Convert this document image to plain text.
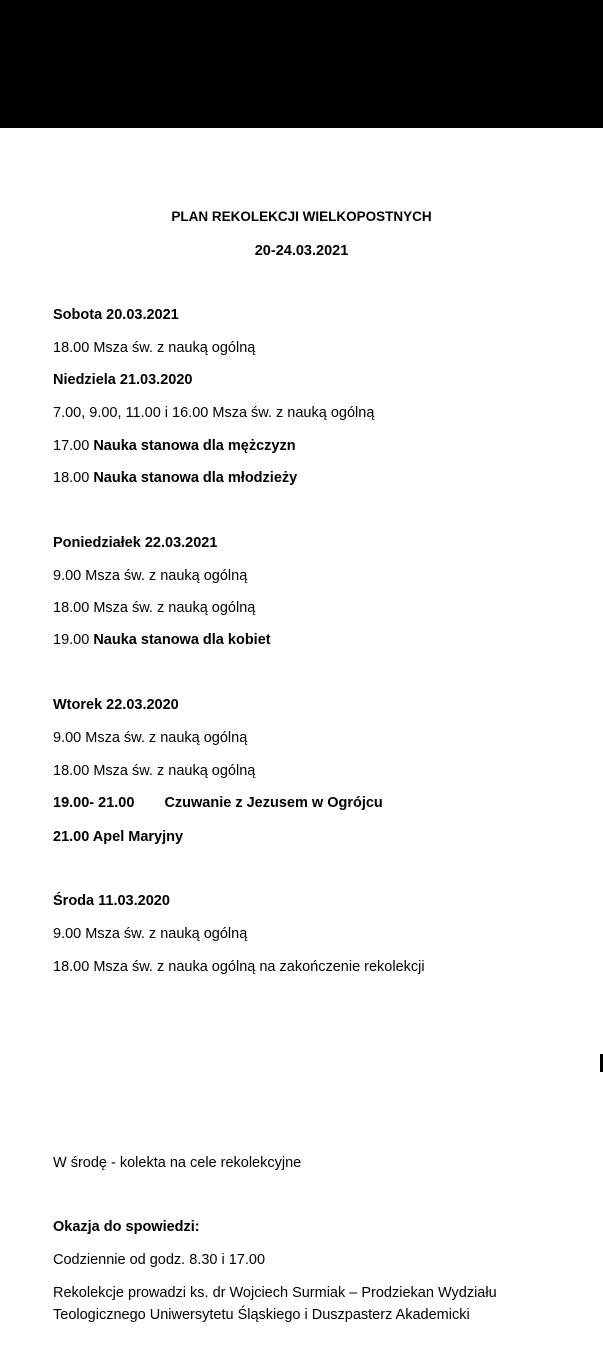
PLAN REKOLEKCJI WIELKOPOSTNYCH
20-24.03.2021
Sobota 20.03.2021
18.00 Msza św. z nauką ogólną
Niedziela 21.03.2020
7.00, 9.00, 11.00 i 16.00 Msza św. z nauką ogólną
17.00 Nauka stanowa dla mężczyzn
18.00 Nauka stanowa dla młodzieży
Poniedziałek 22.03.2021
9.00 Msza św. z nauką ogólną
18.00 Msza św. z nauką ogólną
19.00 Nauka stanowa dla kobiet
Wtorek 22.03.2020
9.00 Msza św. z nauką ogólną
18.00 Msza św. z nauką ogólną
19.00- 21.00 Czuwanie z Jezusem w Ogrójcu
21.00 Apel Maryjny
Środa 11.03.2020
9.00 Msza św. z nauką ogólną
18.00 Msza św. z nauka ogólną na zakończenie rekolekcji
W środę - kolekta na cele rekolekcyjne
Okazja do spowiedzi:
Codziennie od godz. 8.30 i 17.00
Rekolekcje prowadzi ks. dr Wojciech Surmiak – Prodziekan Wydziału
Teologicznego Uniwersytetu Śląskiego i Duszpasterz Akademicki
